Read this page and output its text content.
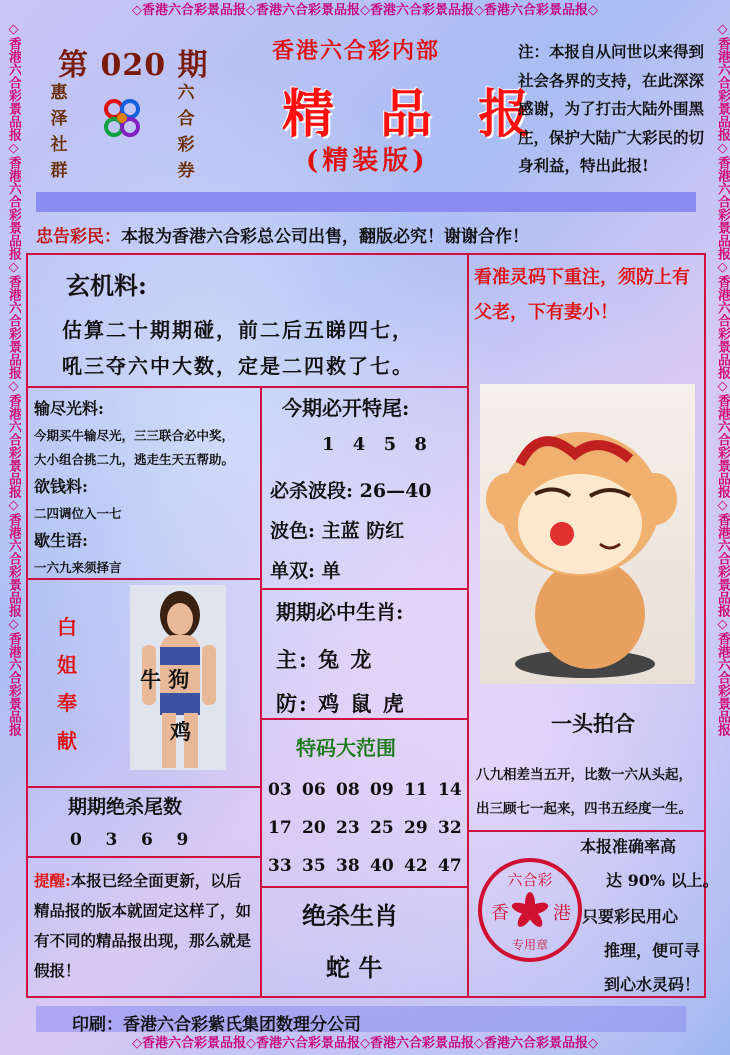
◇香港六合彩景品报◇香港六合彩景品报◇香港六合彩景品报◇香港六合彩景品报◇
◇香港六合彩景品报◇香港六合彩景品报◇香港六合彩景品报◇香港六合彩景品报◇
◇香港六合彩景品报◇香港六合彩景品报◇香港六合彩景品报◇香港六合彩景品报◇香港六合彩景品报◇香港六合彩景品报	◇香港六合彩景品报◇香港六合彩景品报◇香港六合彩景品报◇香港六合彩景品报◇香港六合彩景品报◇香港六合彩景品报
第 020 期
惠泽社群
六合彩券
香港六合彩内部
精 品 报
(精装版)
注：本报自从问世以来得到社会各界的支持，在此深深感谢，为了打击大陆外围黑庄，保护大陆广大彩民的切身利益，特出此报!
忠告彩民：本报为香港六合彩总公司出售，翻版必究！谢谢合作！
玄机料:
估算二十期期碰，前二后五睇四七，
吼三夺六中大数，定是二四救了七。
看准灵码下重注，须防上有父老，下有妻小！
输尽光料:
今期买牛输尽光，三三联合必中奖，
大小组合挑二九，逃走生天五帮助。
欲钱料:
二四调位入一七
歇生语:
一六九来须择言
今期必开特尾:
1 4 5 8
必杀波段: 26—40
波色: 主蓝 防红
单双: 单
白姐奉献
牛 狗
鸡
期期必中生肖:
主: 兔 龙
防: 鸡 鼠 虎
期期绝杀尾数
0    3    6    9
特码大范围
03 06 08 09 11 14
17 20 23 25 29 32
33 35 38 40 42 47
提醒:本报已经全面更新，以后精品报的版本就固定这样了，如有不同的精品报出现，那么就是假报！
绝杀生肖
蛇 牛
一头拍合
八九相差当五开，比数一六从头起，出三顾七一起来，四书五经度一生。
本报准确率高
达 90% 以上。
只要彩民用心
推理，便可寻
到心水灵码！
六合彩
香 港
专用章
印刷：香港六合彩紫氏集团数理分公司
